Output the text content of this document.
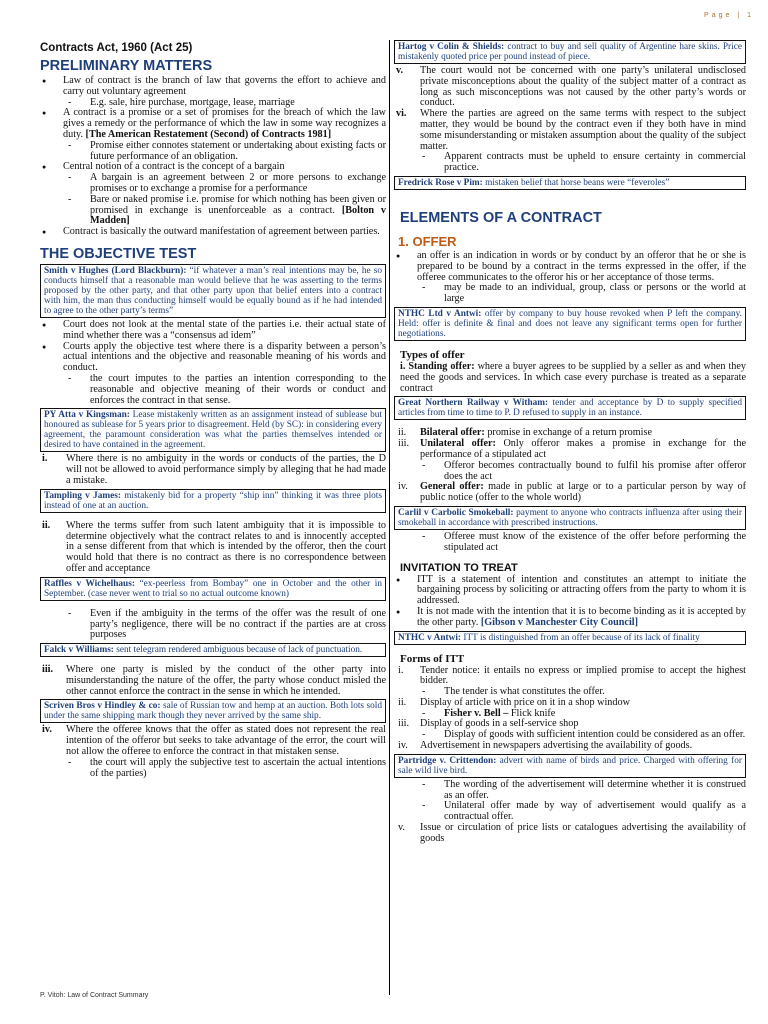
Page | 1
Contracts Act, 1960 (Act 25)
PRELIMINARY MATTERS
● Law of contract is the branch of law that governs the effort to achieve and carry out voluntary agreement
- E.g. sale, hire purchase, mortgage, lease, marriage
● A contract is a promise or a set of promises for the breach of which the law gives a remedy or the performance of which the law in some way recognizes a duty. [The American Restatement (Second) of Contracts 1981]
- Promise either connotes statement or undertaking about existing facts or future performance of an obligation.
● Central notion of a contract is the concept of a bargain
- A bargain is an agreement between 2 or more persons to exchange promises or to exchange a promise for a performance
- Bare or naked promise i.e. promise for which nothing has been given or promised in exchange is unenforceable as a contract. [Bolton v Madden]
● Contract is basically the outward manifestation of agreement between parties.
THE OBJECTIVE TEST
Smith v Hughes (Lord Blackburn): “if whatever a man’s real intentions may be, he so conducts himself that a reasonable man would believe that he was asserting to the terms proposed by the other party, and that other party upon that belief enters into a contract with him, the man thus conducting himself would be equally bound as if he had intended to agree to the other party’s terms”
● Court does not look at the mental state of the parties i.e. their actual state of mind whether there was a “consensus ad idem”
● Courts apply the objective test where there is a disparity between a person’s actual intentions and the objective and reasonable meaning of his words and conduct.
- the court imputes to the parties an intention corresponding to the reasonable and objective meaning of their words or conduct and enforces the contract in that sense.
PY Atta v Kingsman: Lease mistakenly written as an assignment instead of sublease but honoured as sublease for 5 years prior to disagreement. Held (by SC): in considering every agreement, the paramount consideration was what the parties themselves intended or desired to have contained in the agreement.
i. Where there is no ambiguity in the words or conducts of the parties, the D will not be allowed to avoid performance simply by alleging that he had made a mistake.
Tampling v James: mistakenly bid for a property “ship inn” thinking it was three plots instead of one at an auction.
ii. Where the terms suffer from such latent ambiguity that it is impossible to determine objectively what the contract relates to and is innocently accepted in a sense different from that which is intended by the offeror, then the court would hold that there is no contract as there is no correspondence between offer and acceptance
Raffles v Wichelhaus: “ex-peerless from Bombay” one in October and the other in September. (case never went to trial so no actual outcome known)
- Even if the ambiguity in the terms of the offer was the result of one party’s negligence, there will be no contract if the parties are at cross purposes
Falck v Williams: sent telegram rendered ambiguous because of lack of punctuation.
iii. Where one party is misled by the conduct of the other party into misunderstanding the nature of the offer, the party whose conduct misled the other cannot enforce the contract in the sense in which he intended.
Scriven Bros v Hindley & co: sale of Russian tow and hemp at an auction. Both lots sold under the same shipping mark though they never arrived by the same ship.
iv. Where the offeree knows that the offer as stated does not represent the real intention of the offeror but seeks to take advantage of the error, the court will not allow the offeree to enforce the contract in that mistaken sense.
- the court will apply the subjective test to ascertain the actual intentions of the parties)
Hartog v Colin & Shields: contract to buy and sell quality of Argentine hare skins. Price mistakenly quoted price per pound instead of piece.
v. The court would not be concerned with one party’s unilateral undisclosed private misconceptions about the quality of the subject matter of a contract as long as such misconceptions was not caused by the other party’s words or conduct.
vi. Where the parties are agreed on the same terms with respect to the subject matter, they would be bound by the contract even if they both have in mind some misunderstanding or mistaken assumption about the quality of the subject matter.
- Apparent contracts must be upheld to ensure certainty in commercial practice.
Fredrick Rose v Pim: mistaken belief that horse beans were “feveroles”
ELEMENTS OF A CONTRACT
1. OFFER
● an offer is an indication in words or by conduct by an offeror that he or she is prepared to be bound by a contract in the terms expressed in the offer, if the offeree communicates to the offeror his or her acceptance of those terms.
- may be made to an individual, group, class or persons or the world at large
NTHC Ltd v Antwi: offer by company to buy house revoked when P left the company. Held: offer is definite & final and does not leave any significant terms open for further negotiations.
Types of offer

i. Standing offer: where a buyer agrees to be supplied by a seller as and when they need the goods and services. In which case every purchase is treated as a separate contract

Great Northern Railway v Witham: tender and acceptance by D to supply specified articles from time to time to P. D refused to supply in an instance.
ii. Bilateral offer: promise in exchange of a return promise
iii. Unilateral offer: Only offeror makes a promise in exchange for the performance of a stipulated act
- Offeror becomes contractually bound to fulfil his promise after offeror does the act
iv. General offer: made in public at large or to a particular person by way of public notice (offer to the whole world)
Carlil v Carbolic Smokeball: payment to anyone who contracts influenza after using their smokeball in accordance with prescribed instructions.
- Offeree must know of the existence of the offer before performing the stipulated act
INVITATION TO TREAT
● ITT is a statement of intention and constitutes an attempt to initiate the bargaining process by soliciting or attracting offers from the party to whom it is addressed.
● It is not made with the intention that it is to become binding as it is accepted by the other party. [Gibson v Manchester City Council]
NTHC v Antwi: ITT is distinguished from an offer because of its lack of finality
Forms of ITT
i. Tender notice: it entails no express or implied promise to accept the highest bidder.
- The tender is what constitutes the offer.
ii. Display of article with price on it in a shop window
- Fisher v. Bell – Flick knife
iii. Display of goods in a self-service shop
- Display of goods with sufficient intention could be considered as an offer.
iv. Advertisement in newspapers advertising the availability of goods.
Partridge v. Crittendon: advert with name of birds and price. Charged with offering for sale wild live bird.
- The wording of the advertisement will determine whether it is construed as an offer.
- Unilateral offer made by way of advertisement would qualify as a contractual offer.
v. Issue or circulation of price lists or catalogues advertising the availability of goods
P. Vitoh: Law of Contract Summary
